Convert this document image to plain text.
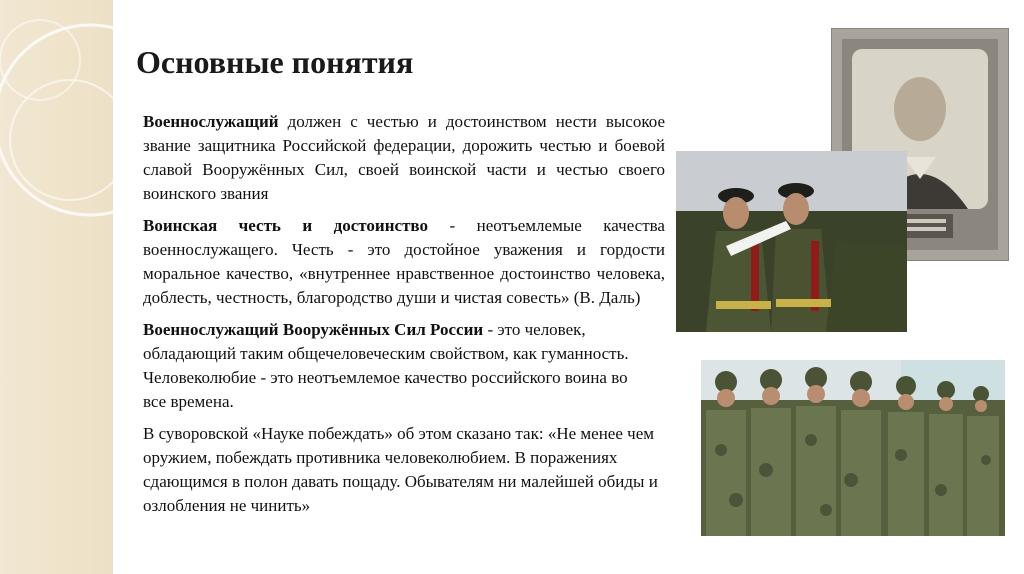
Основные понятия

Военнослужащий должен с честью и достоинством нести высокое звание защитника Российской федерации, дорожить честью и боевой славой Вооружённых Сил, своей воинской части и честью своего воинского звания

Воинская честь и достоинство - неотъемлемые качества военнослужащего. Честь - это достойное уважения и гордости моральное качество, «внутреннее нравственное достоинство человека, доблесть, честность, благородство души и чистая совесть» (В. Даль)

Военнослужащий Вооружённых Сил России - это человек, обладающий таким общечеловеческим свойством, как гуманность. Человеколюбие - это неотъемлемое качество российского воина во все времена.

В суворовской «Науке побеждать» об этом сказано так: «Не менее чем оружием, побеждать противника человеколюбием. В поражениях сдающимся в полон давать пощаду. Обывателям ни малейшей обиды и озлобления не чинить»
